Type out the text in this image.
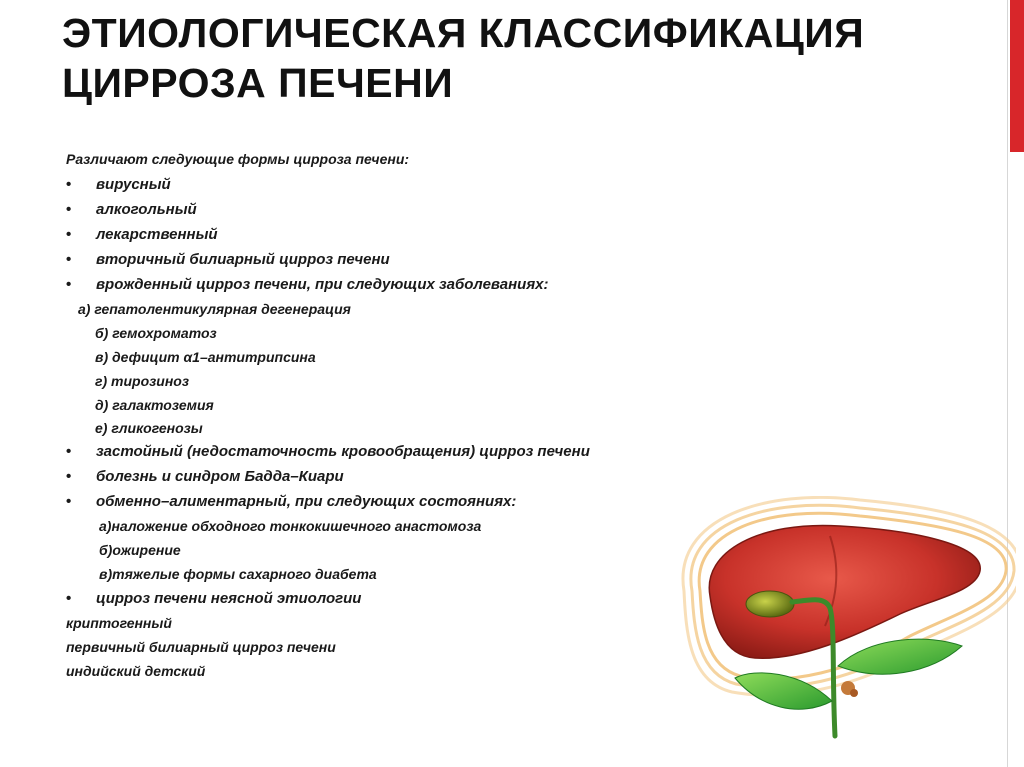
ЭТИОЛОГИЧЕСКАЯ КЛАССИФИКАЦИЯ
ЦИРРОЗА ПЕЧЕНИ
Различают следующие формы цирроза печени:
• вирусный
• алкогольный
• лекарственный
• вторичный билиарный цирроз печени
• врожденный цирроз печени, при следующих заболеваниях:
а) гепатолентикулярная дегенерация
б) гемохроматоз
в) дефицит α1–антитрипсина
г) тирозиноз
д) галактоземия
е) гликогенозы
• застойный (недостаточность кровообращения) цирроз печени
• болезнь и синдром Бадда–Киари
• обменно–алиментарный, при следующих состояниях:
а)наложение обходного тонкокишечного анастомоза
б)ожирение
в)тяжелые формы сахарного диабета
• цирроз печени неясной этиологии
криптогенный
первичный билиарный цирроз печени
индийский детский
